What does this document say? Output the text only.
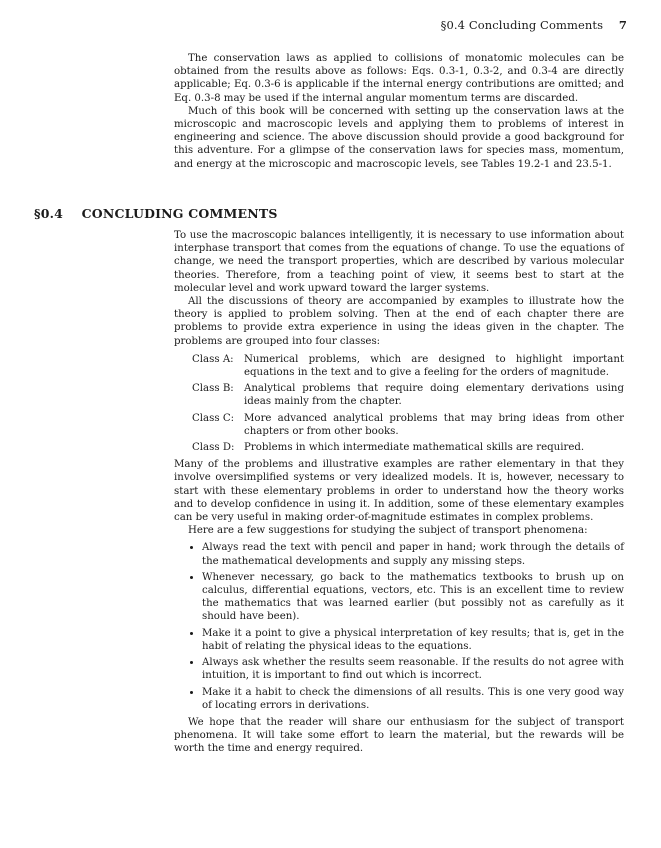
§0.4 Concluding Comments 7

The conservation laws as applied to collisions of monatomic molecules can be obtained from the results above as follows: Eqs. 0.3-1, 0.3-2, and 0.3-4 are directly applicable; Eq. 0.3-6 is applicable if the internal energy contributions are omitted; and Eq. 0.3-8 may be used if the internal angular momentum terms are discarded.

Much of this book will be concerned with setting up the conservation laws at the microscopic and macroscopic levels and applying them to problems of interest in engineering and science. The above discussion should provide a good background for this adventure. For a glimpse of the conservation laws for species mass, momentum, and energy at the microscopic and macroscopic levels, see Tables 19.2-1 and 23.5-1.

§0.4 CONCLUDING COMMENTS

To use the macroscopic balances intelligently, it is necessary to use information about interphase transport that comes from the equations of change. To use the equations of change, we need the transport properties, which are described by various molecular theories. Therefore, from a teaching point of view, it seems best to start at the molecular level and work upward toward the larger systems.

All the discussions of theory are accompanied by examples to illustrate how the theory is applied to problem solving. Then at the end of each chapter there are problems to provide extra experience in using the ideas given in the chapter. The problems are grouped into four classes:

Class A:	Numerical problems, which are designed to highlight important equations in the text and to give a feeling for the orders of magnitude.
Class B:	Analytical problems that require doing elementary derivations using ideas mainly from the chapter.
Class C: More advanced analytical problems that may bring ideas from other chapters or from other books.
Class D: Problems in which intermediate mathematical skills are required.

Many of the problems and illustrative examples are rather elementary in that they involve oversimplified systems or very idealized models. It is, however, necessary to start with these elementary problems in order to understand how the theory works and to develop confidence in using it. In addition, some of these elementary examples can be very useful in making order-of-magnitude estimates in complex problems.

Here are a few suggestions for studying the subject of transport phenomena:

• Always read the text with pencil and paper in hand; work through the details of the mathematical developments and supply any missing steps.
• Whenever necessary, go back to the mathematics textbooks to brush up on calculus, differential equations, vectors, etc. This is an excellent time to review the mathematics that was learned earlier (but possibly not as carefully as it should have been).
• Make it a point to give a physical interpretation of key results; that is, get in the habit of relating the physical ideas to the equations.
• Always ask whether the results seem reasonable. If the results do not agree with intuition, it is important to find out which is incorrect.
• Make it a habit to check the dimensions of all results. This is one very good way of locating errors in derivations.

We hope that the reader will share our enthusiasm for the subject of transport phenomena. It will take some effort to learn the material, but the rewards will be worth the time and energy required.
